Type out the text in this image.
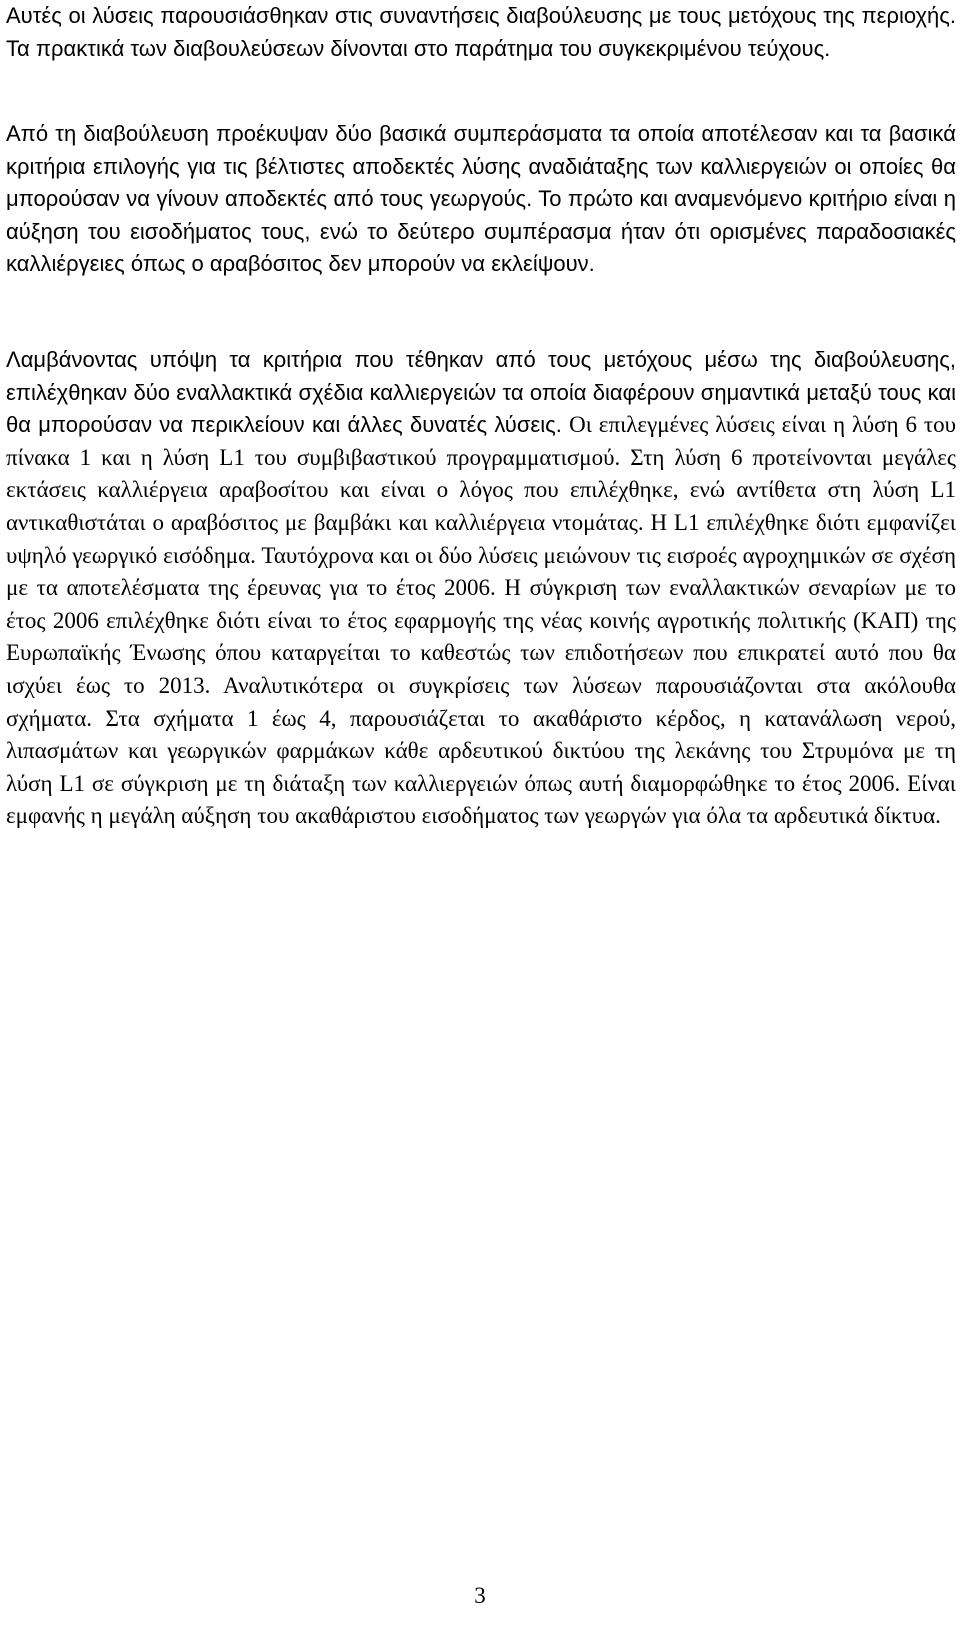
Αυτές οι λύσεις παρουσιάσθηκαν στις συναντήσεις διαβούλευσης με τους μετόχους της περιοχής. Τα πρακτικά των διαβουλεύσεων δίνονται στο παράτημα του συγκεκριμένου τεύχους.

Από τη διαβούλευση προέκυψαν δύο βασικά συμπεράσματα τα οποία αποτέλεσαν και τα βασικά κριτήρια επιλογής για τις βέλτιστες αποδεκτές λύσης αναδιάταξης των καλλιεργειών οι οποίες θα μπορούσαν να γίνουν αποδεκτές από τους γεωργούς. Το πρώτο και αναμενόμενο κριτήριο είναι η αύξηση του εισοδήματος τους, ενώ το δεύτερο συμπέρασμα ήταν ότι ορισμένες παραδοσιακές καλλιέργειες όπως ο αραβόσιτος δεν μπορούν να εκλείψουν.

Λαμβάνοντας υπόψη τα κριτήρια που τέθηκαν από τους μετόχους μέσω της διαβούλευσης, επιλέχθηκαν δύο εναλλακτικά σχέδια καλλιεργειών τα οποία διαφέρουν σημαντικά μεταξύ τους και θα μπορούσαν να περικλείουν και άλλες δυνατές λύσεις. Οι επιλεγμένες λύσεις είναι η λύση 6 του πίνακα 1 και η λύση L1 του συμβιβαστικού προγραμματισμού. Στη λύση 6 προτείνονται μεγάλες εκτάσεις καλλιέργεια αραβοσίτου και είναι ο λόγος που επιλέχθηκε, ενώ αντίθετα στη λύση L1 αντικαθιστάται ο αραβόσιτος με βαμβάκι και καλλιέργεια ντομάτας. Η L1 επιλέχθηκε διότι εμφανίζει υψηλό γεωργικό εισόδημα. Ταυτόχρονα και οι δύο λύσεις μειώνουν τις εισροές αγροχημικών σε σχέση με τα αποτελέσματα της έρευνας για το έτος 2006. Η σύγκριση των εναλλακτικών σεναρίων με το έτος 2006 επιλέχθηκε διότι είναι το έτος εφαρμογής της νέας κοινής αγροτικής πολιτικής (ΚΑΠ) της Ευρωπαϊκής Ένωσης όπου καταργείται το καθεστώς των επιδοτήσεων που επικρατεί αυτό που θα ισχύει έως το 2013. Αναλυτικότερα οι συγκρίσεις των λύσεων παρουσιάζονται στα ακόλουθα σχήματα. Στα σχήματα 1 έως 4, παρουσιάζεται το ακαθάριστο κέρδος, η κατανάλωση νερού, λιπασμάτων και γεωργικών φαρμάκων κάθε αρδευτικού δικτύου της λεκάνης του Στρυμόνα με τη λύση L1 σε σύγκριση με τη διάταξη των καλλιεργειών όπως αυτή διαμορφώθηκε το έτος 2006. Είναι εμφανής η μεγάλη αύξηση του ακαθάριστου εισοδήματος των γεωργών για όλα τα αρδευτικά δίκτυα.

3
